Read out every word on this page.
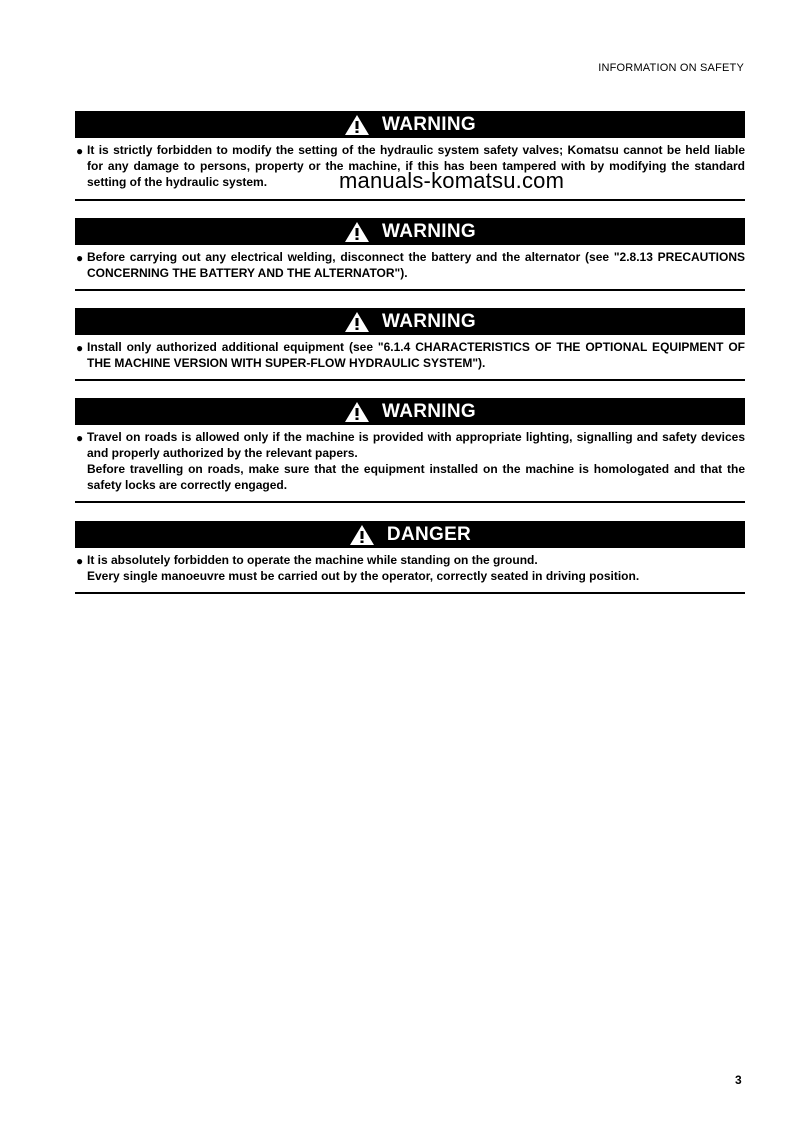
INFORMATION ON SAFETY
WARNING
● It is strictly forbidden to modify the setting of the hydraulic system safety valves; Komatsu cannot be held liable for any damage to persons, property or the machine, if this has been tampered with by modifying the standard setting of the hydraulic system.	manuals-komatsu.com
WARNING
● Before carrying out any electrical welding, disconnect the battery and the alternator (see "2.8.13 PRECAUTIONS CONCERNING THE BATTERY AND THE ALTERNATOR").

WARNING
● Install only authorized additional equipment (see "6.1.4 CHARACTERISTICS OF THE OPTIONAL EQUIPMENT OF THE MACHINE VERSION WITH SUPER-FLOW HYDRAULIC SYSTEM").

WARNING
● Travel on roads is allowed only if the machine is provided with appropriate lighting, signalling and safety devices and properly authorized by the relevant papers.

Before travelling on roads, make sure that the equipment installed on the machine is homologated and that the safety locks are correctly engaged.

DANGER
● It is absolutely forbidden to operate the machine while standing on the ground.

Every single manoeuvre must be carried out by the operator, correctly seated in driving position.

3
